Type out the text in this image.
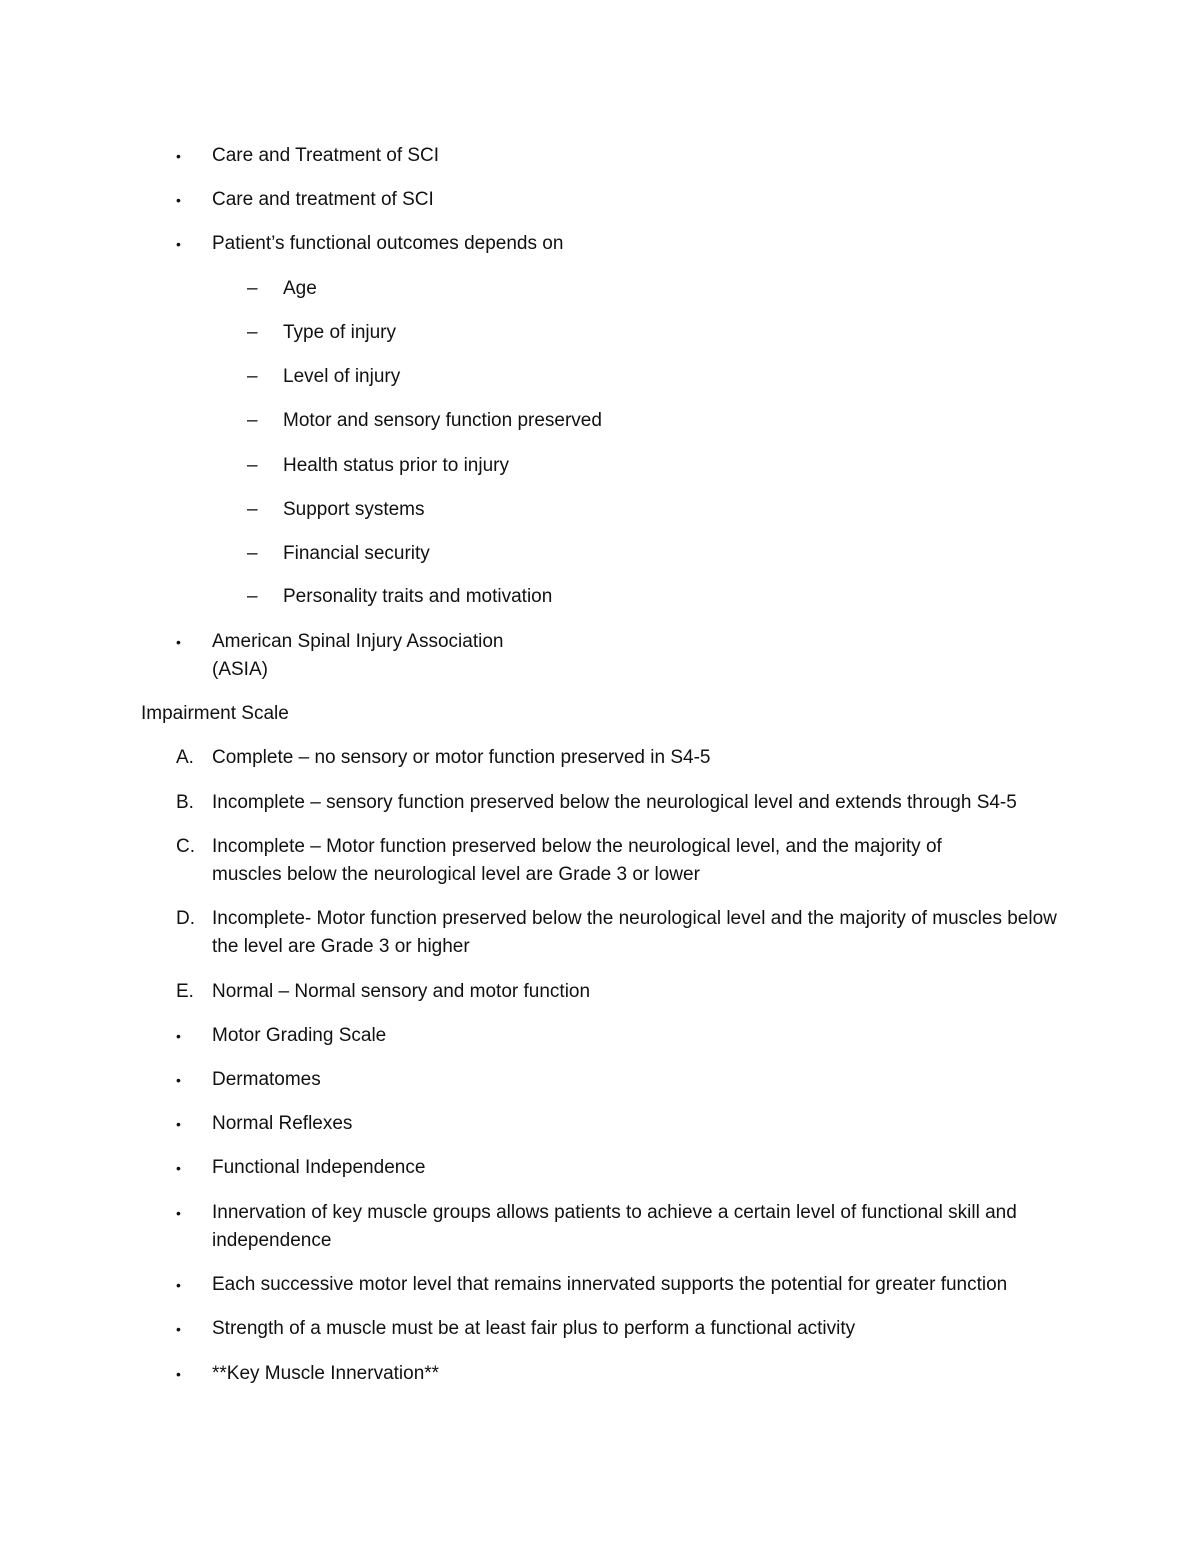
•	Care and Treatment of SCI
•	Care and treatment of SCI
•	Patient’s functional outcomes depends on
– Age
– Type of injury
– Level of injury
– Motor and sensory function preserved
– Health status prior to injury
– Support systems
– Financial security
– Personality traits and motivation
•	American Spinal Injury Association
(ASIA)
Impairment Scale
A. Complete – no sensory or motor function preserved in S4-5
B. Incomplete – sensory function preserved below the neurological level and extends through S4-5
C. Incomplete – Motor function preserved below the neurological level, and the majority of muscles below the neurological level are Grade 3 or lower
D. Incomplete- Motor function preserved below the neurological level and the majority of muscles below the level are Grade 3 or higher
E. Normal – Normal sensory and motor function
•	Motor Grading Scale
•	Dermatomes
•	Normal Reflexes
•	Functional Independence
•	Innervation of key muscle groups allows patients to achieve a certain level of functional skill and independence
•	Each successive motor level that remains innervated supports the potential for greater function
•	Strength of a muscle must be at least fair plus to perform a functional activity
•	**Key Muscle Innervation**
